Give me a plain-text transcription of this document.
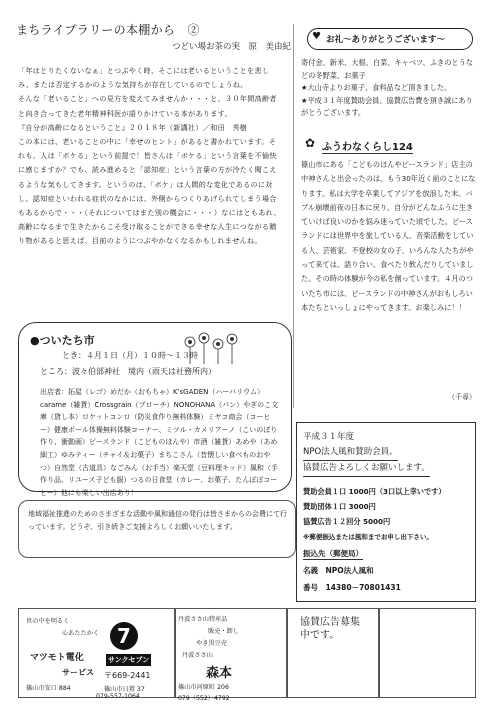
まちライブラリーの本棚から　②
つどい場お茶の実　原　美由紀

「年はとりたくないなぁ」とつぶやく時、そこには老いるということを悲しみ、または否定するかのような気持ちが存在しているのでしょうね。

そんな「老いること」への見方を変えてみませんか・・・と、３０年間高齢者と向き合ってきた老年精神科医が語りかけている本があります。

『自分が高齢になるということ』２０１８年（新講社）／和田　秀樹

この本には、老いることの中に「幸せのヒント」があると書かれています。それも、人は「ボケる」という前提で！皆さんは「ボケる」という言葉を不愉快に感じますか？でも、読み進めると「認知症」という言葉の方が冷たく聞こえるような気もしてきます。というのは、「ボケ」は人間的な変化であるのに対し、認知症といわれる症状のなかには、外側からつくりあげられてしまう場合もあるからで・・・（それについてはまた別の機会に・・・）なにはともあれ、高齢になるまで生きたからこそ受け取ることができる幸せな人生につながる贈り物があると思えば、目前のようにつぶやかなくなるかもしれませんね。

●ついたち市
とき：４月１日（月）１０時～１３時
ところ：波々伯部神社　境内（雨天は社務所内）
出店者：拓屋（レゴ）めだか（おもちゃ）K'sGADEN（ハーバリウム）carame（雑貨）Crossgrain（ブローチ）NONOHANA（パン）やぎのこ文庫（貸し本）ロケットコンロ（防災食作り無料体験）ミヤコ商会（コーヒー）健康ポール体操無料体験コーナー、ミツル・カメリアーノ（こいのぼり作り、衝動画）ピースランド（こどものほんや）市酒（雑貨）あめや（あめ細工）ゆみティー（チャイ＆お菓子）まちこさん（昔懐しい食べものおやつ）自然堂（古道具）なごみん（お手当）楽天堂（豆料理キッド）風和（手作り品、リユース子ども服）つるの日食堂（カレー、お菓子、たんぽぽコーヒー）他にも楽しい出店あり！
地域福祉推進のためのさまざまな活動や風和通信の発行は皆さまからの会費にて行っています。どうぞ、引き続きご支援よろしくお願いいたします。
♥ お礼～ありがとうございます～
寄付金、新米、大根、白菜、キャベツ、ふきのとうなどの冬野菜、お菓子
★大山寺よりお菓子、食料品など頂きました。
★平成３１年度賛助会員、協賛広告費を頂き誠にありがとうございます。
✿ ふうわなくらし124
篠山市にある「こどものほんやピースランド」店主の中神さんと出会ったのは、もう30年近く前のことになります。私は大学を卒業してアジアを放浪した末、バブル崩壊前夜の日本に戻り、自分がどんなふうに生きていけば良いのかを悩み迷っていた頃でした。ピースランドには世界中を旅している人、音楽活動をしている人、芸術家、不登校の女の子、いろんな人たちがやって来ては、語り合い、食べたり飲んだりしていました。その時の体験が今の私を創っています。４月のついたち市には、ピースランドの中神さんがおもしろい本たちといっしょにやってきます。お楽しみに！！
（千尋）
平成３１年度
NPO法人風和賛助会員、 協賛広告よろしくお願いします。
賛助会員１口 1000円（3口以上幸いです）
賛助団体１口 3000円
協賛広告１２回分 5000円
※郵便振込または風和までお申し出下さい。
振込先（郵便局）
名義　NPO法人風和
番号　14380－70801431
世の中を明るく
心あたたかく
マツモト電化
サービス
篠山市安口 884
079-557-1064
7
サンクセブン
〒669-2441
篠山市日置 37
丹波ささ山特産品
販売・卸し
やき黒豆売
丹波ささ山
森本
篠山市河原町 206
079（552）4792
協賛広告募集中です。
